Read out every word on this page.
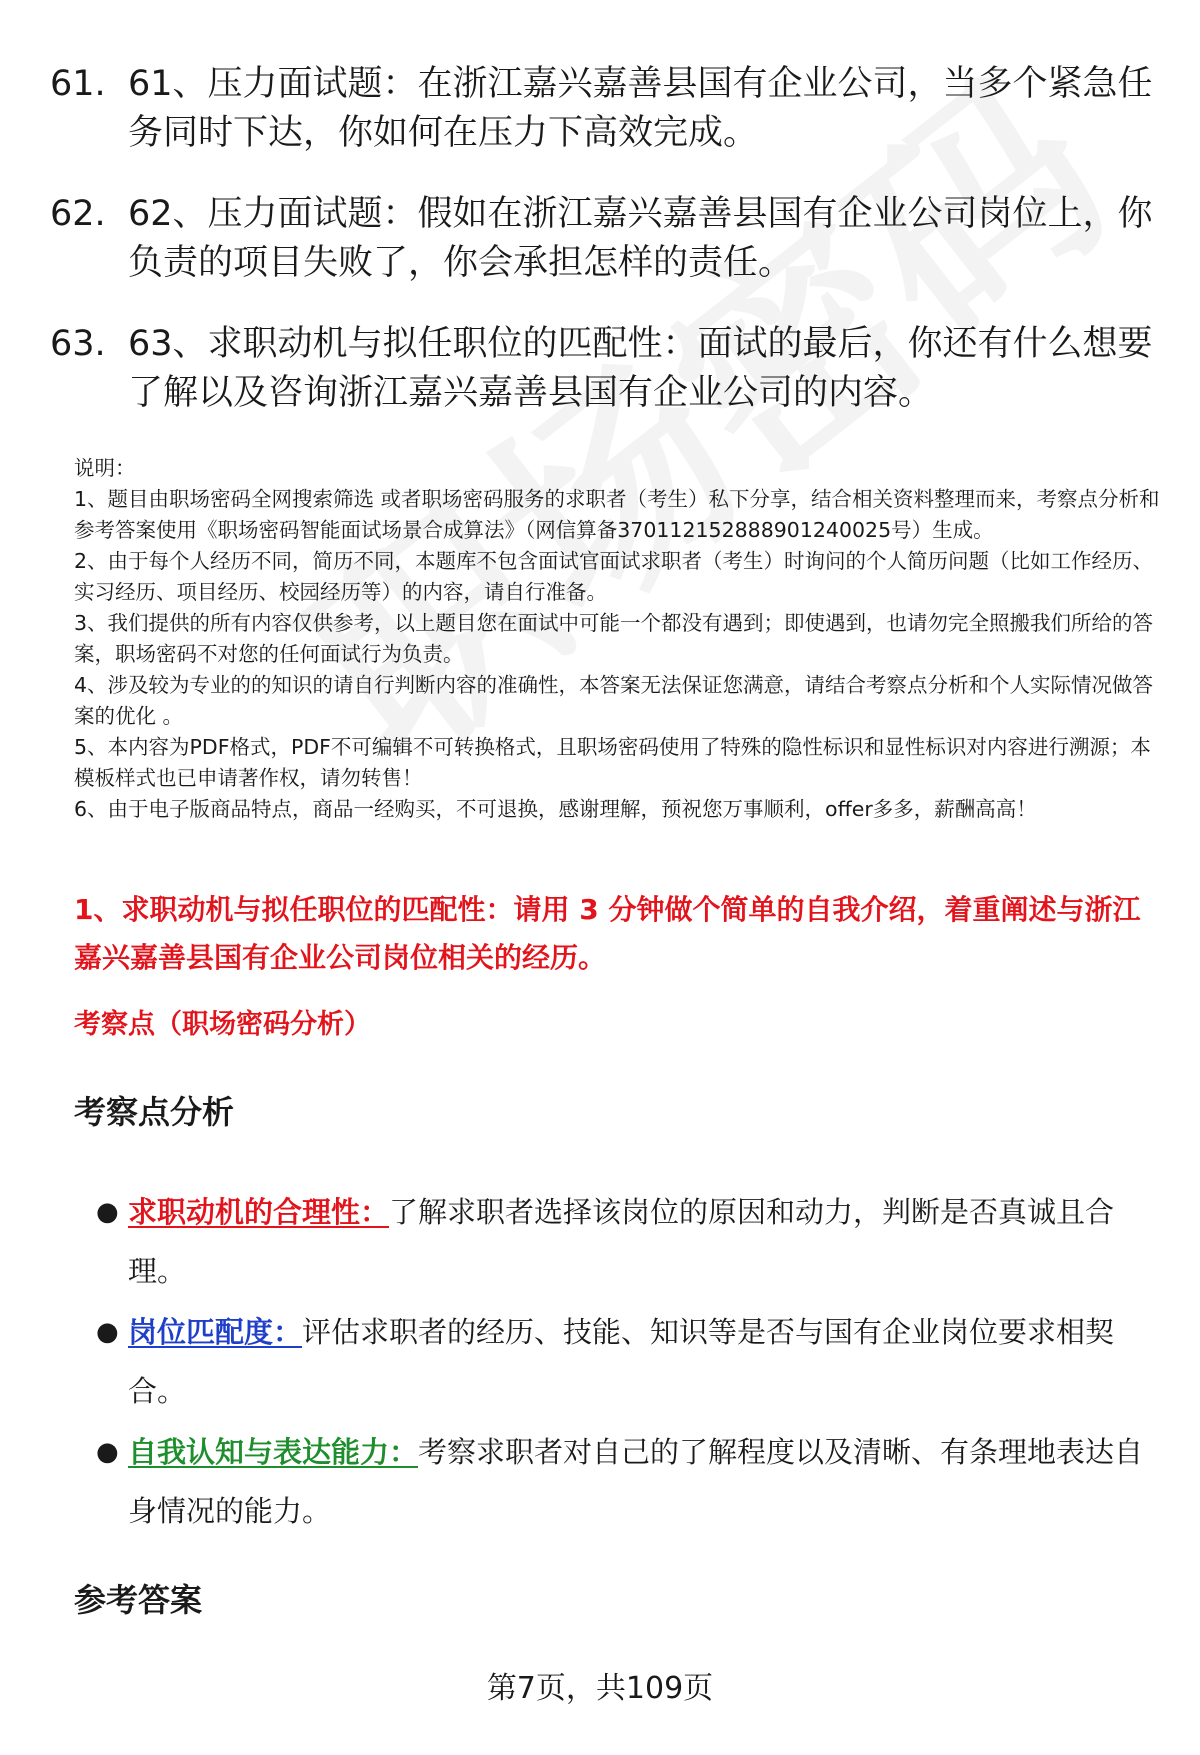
61. 61、压力面试题：在浙江嘉兴嘉善县国有企业公司，当多个紧急任务同时下达，你如何在压力下高效完成。
62. 62、压力面试题：假如在浙江嘉兴嘉善县国有企业公司岗位上，你负责的项目失败了，你会承担怎样的责任。
63. 63、求职动机与拟任职位的匹配性：面试的最后，你还有什么想要了解以及咨询浙江嘉兴嘉善县国有企业公司的内容。

说明：

1、题目由职场密码全网搜索筛选 或者职场密码服务的求职者（考生）私下分享，结合相关资料整理而来，考察点分析和参考答案使用《职场密码智能面试场景合成算法》（网信算备370112152888901240025号）生成。

2、由于每个人经历不同，简历不同，本题库不包含面试官面试求职者（考生）时询问的个人简历问题（比如工作经历、实习经历、项目经历、校园经历等）的内容，请自行准备。

3、我们提供的所有内容仅供参考，以上题目您在面试中可能一个都没有遇到；即使遇到，也请勿完全照搬我们所给的答案，职场密码不对您的任何面试行为负责。

4、涉及较为专业的的知识的请自行判断内容的准确性，本答案无法保证您满意，请结合考察点分析和个人实际情况做答案的优化 。

5、本内容为PDF格式，PDF不可编辑不可转换格式，且职场密码使用了特殊的隐性标识和显性标识对内容进行溯源；本模板样式也已申请著作权，请勿转售！

6、由于电子版商品特点，商品一经购买，不可退换，感谢理解，预祝您万事顺利，offer多多，薪酬高高！

1、求职动机与拟任职位的匹配性：请用 3 分钟做个简单的自我介绍，着重阐述与浙江嘉兴嘉善县国有企业公司岗位相关的经历。
考察点（职场密码分析）
考察点分析
● 求职动机的合理性：了解求职者选择该岗位的原因和动力，判断是否真诚且合理。
● 岗位匹配度：评估求职者的经历、技能、知识等是否与国有企业岗位要求相契合。
● 自我认知与表达能力：考察求职者对自己的了解程度以及清晰、有条理地表达自身情况的能力。
参考答案
第7页，共109页
